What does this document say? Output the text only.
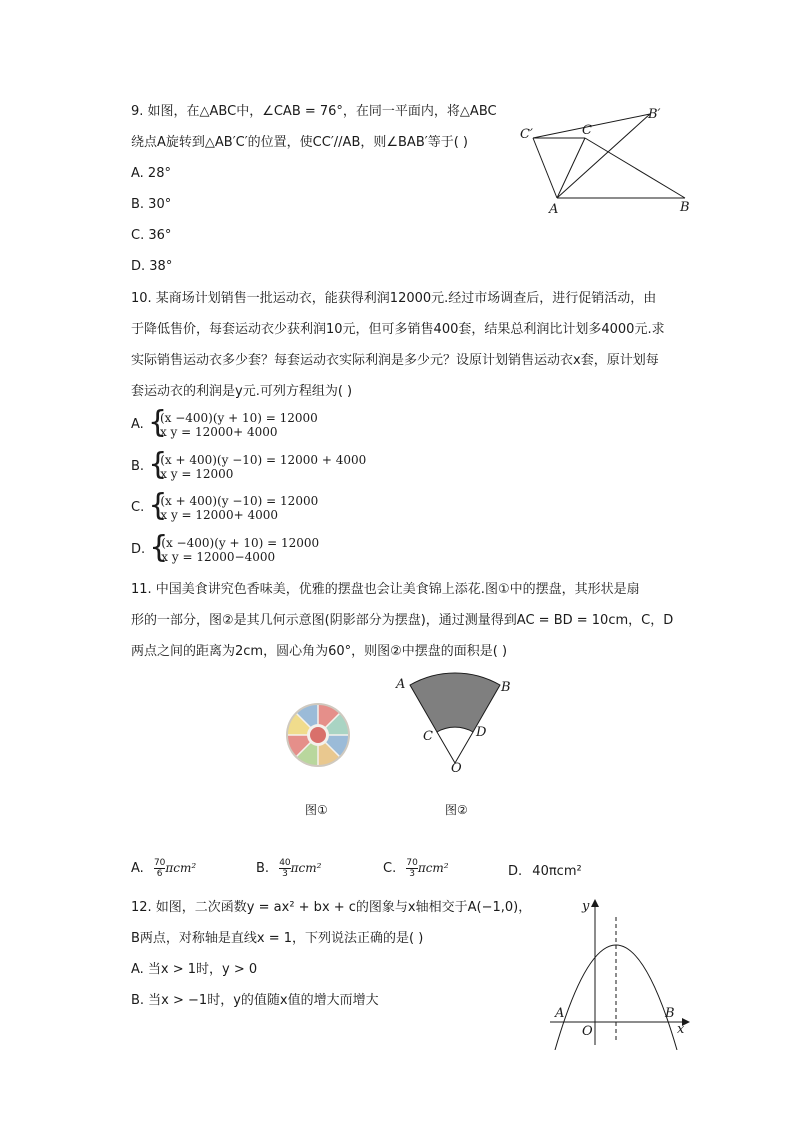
9. 如图，在△ABC中，∠CAB = 76°，在同一平面内，将△ABC
绕点A旋转到△AB′C′的位置，使CC′//AB，则∠BAB′等于( )
A. 28°
B. 30°
C. 36°
D. 38°
A	B
C
C′
B′
10. 某商场计划销售一批运动衣，能获得利润12000元.经过市场调查后，进行促销活动，由
于降低售价，每套运动衣少获利润10元，但可多销售400套，结果总利润比计划多4000元.求
实际销售运动衣多少套？每套运动衣实际利润是多少元？设原计划销售运动衣x套，原计划每
套运动衣的利润是y元.可列方程组为( )
A. {
(x −400)(y + 10) = 12000
x y = 12000+ 4000
B. {
(x + 400)(y −10) = 12000 + 4000
x y = 12000
C. {
(x + 400)(y −10) = 12000
x y = 12000+ 4000
D. {
(x −400)(y + 10) = 12000
x y = 12000−4000
11. 中国美食讲究色香味美，优雅的摆盘也会让美食锦上添花.图①中的摆盘，其形状是扇
形的一部分，图②是其几何示意图(阴影部分为摆盘)，通过测量得到AC = BD = 10cm，C，D
两点之间的距离为2cm，圆心角为60°，则图②中摆盘的面积是( )
A	B
C	D
O
图①	图②
A. $\frac{70}{6} \pi cm^2$	B. $\frac{40}{3} \pi cm^2$	C. $\frac{70}{3} \pi cm^2$	D. 40πcm²
12. 如图，二次函数y = ax² + bx + c的图象与x轴相交于A(−1,0)，
B两点，对称轴是直线x = 1，下列说法正确的是( )
A. 当x > 1时，y > 0
B. 当x > −1时，y的值随x值的增大而增大
y
x
A	B
O
